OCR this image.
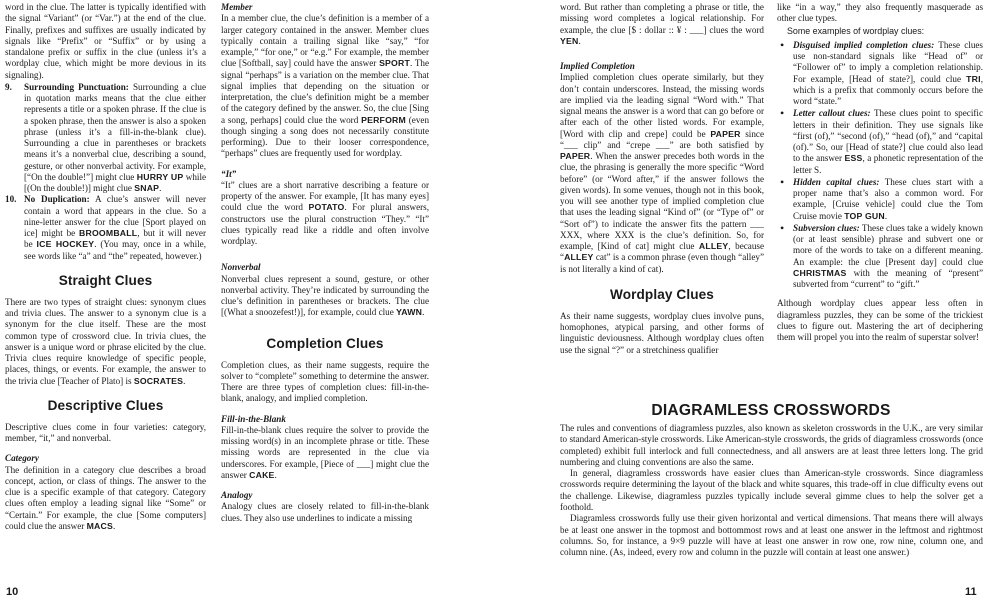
word in the clue. The latter is typically identified with the signal “Variant” (or “Var.”) at the end of the clue. Finally, prefixes and suffixes are usually indicated by signals like “Prefix” or “Suffix” or by using a standalone prefix or suffix in the clue (unless it’s a wordplay clue, which might be more devious in its signaling).

9. Surrounding Punctuation: Surrounding a clue in quotation marks means that the clue either represents a title or a spoken phrase. If the clue is a spoken phrase, then the answer is also a spoken phrase (unless it’s a fill-in-the-blank clue). Surrounding a clue in parentheses or brackets means it’s a nonverbal clue, describing a sound, gesture, or other nonverbal activity. For example, [“On the double!”] might clue HURRY UP while [(On the double!)] might clue SNAP.
10. No Duplication: A clue’s answer will never contain a word that appears in the clue. So a nine-letter answer for the clue [Sport played on ice] might be BROOMBALL, but it will never be ICE HOCKEY. (You may, once in a while, see words like “a” and “the” repeated, however.)
Straight Clues

There are two types of straight clues: synonym clues and trivia clues. The answer to a synonym clue is a synonym for the clue itself. These are the most common type of crossword clue. In trivia clues, the answer is a unique word or phrase elicited by the clue. Trivia clues require knowledge of specific people, places, things, or events. For example, the answer to the trivia clue [Teacher of Plato] is SOCRATES.

Descriptive Clues

Descriptive clues come in four varieties: category, member, “it,” and nonverbal.

Category

The definition in a category clue describes a broad concept, action, or class of things. The answer to the clue is a specific example of that category. Category clues often employ a leading signal like “Some” or “Certain.” For example, the clue [Some computers] could clue the answer MACS.

Member

In a member clue, the clue’s definition is a member of a larger category contained in the answer. Member clues typically contain a trailing signal like “say,” “for example,” “for one,” or “e.g.” For example, the member clue [Softball, say] could have the answer SPORT. The signal “perhaps” is a variation on the member clue. That signal implies that depending on the situation or interpretation, the clue’s definition might be a member of the category defined by the answer. So, the clue [Sing a song, perhaps] could clue the word PERFORM (even though singing a song does not necessarily constitute performing). Due to their looser correspondence, “perhaps” clues are frequently used for wordplay.

“It”

“It” clues are a short narrative describing a feature or property of the answer. For example, [It has many eyes] could clue the word POTATO. For plural answers, constructors use the plural construction “They.” “It” clues typically read like a riddle and often involve wordplay.

Nonverbal

Nonverbal clues represent a sound, gesture, or other nonverbal activity. They’re indicated by surrounding the clue’s definition in parentheses or brackets. The clue [(What a snoozefest!)], for example, could clue YAWN.

Completion Clues

Completion clues, as their name suggests, require the solver to “complete” something to determine the answer. There are three types of completion clues: fill-in-the-blank, analogy, and implied completion.

Fill-in-the-Blank

Fill-in-the-blank clues require the solver to provide the missing word(s) in an incomplete phrase or title. These missing words are represented in the clue via underscores. For example, [Piece of ___] might clue the answer CAKE.

Analogy

Analogy clues are closely related to fill-in-the-blank clues. They also use underlines to indicate a missing

word. But rather than completing a phrase or title, the missing word completes a logical relationship. For example, the clue [$ : dollar :: ¥ : ___] clues the word YEN.

Implied Completion

Implied completion clues operate similarly, but they don’t contain underscores. Instead, the missing words are implied via the leading signal “Word with.” That signal means the answer is a word that can go before or after each of the other listed words. For example, [Word with clip and crepe] could be PAPER since “___ clip” and “crepe ___” are both satisfied by PAPER. When the answer precedes both words in the clue, the phrasing is generally the more specific “Word before” (or “Word after,” if the answer follows the given words). In some venues, though not in this book, you will see another type of implied completion clue that uses the leading signal “Kind of” (or “Type of” or “Sort of”) to indicate the answer fits the pattern ___ XXX, where XXX is the clue’s definition. So, for example, [Kind of cat] might clue ALLEY, because “ALLEY cat” is a common phrase (even though “alley” is not literally a kind of cat).

Wordplay Clues

As their name suggests, wordplay clues involve puns, homophones, atypical parsing, and other forms of linguistic deviousness. Although wordplay clues often use the signal “?” or a stretchiness qualifier

like “in a way,” they also frequently masquerade as other clue types.

Some examples of wordplay clues:

• Disguised implied completion clues: These clues use non-standard signals like “Head of” or “Follower of” to imply a completion relationship. For example, [Head of state?], could clue TRI, which is a prefix that commonly occurs before the word “state.”
• Letter callout clues: These clues point to specific letters in their definition. They use signals like “first (of),” “second (of),” “head (of),” and “capital (of).” So, our [Head of state?] clue could also lead to the answer ESS, a phonetic representation of the letter S.
• Hidden capital clues: These clues start with a proper name that’s also a common word. For example, [Cruise vehicle] could clue the Tom Cruise movie TOP GUN.
• Subversion clues: These clues take a widely known (or at least sensible) phrase and subvert one or more of the words to take on a different meaning. An example: the clue [Present day] could clue CHRISTMAS with the meaning of “present” subverted from “current” to “gift.”

Although wordplay clues appear less often in diagramless puzzles, they can be some of the trickiest clues to figure out. Mastering the art of deciphering them will propel you into the realm of superstar solver!

DIAGRAMLESS CROSSWORDS

The rules and conventions of diagramless puzzles, also known as skeleton crosswords in the U.K., are very similar to standard American-style crosswords. Like American-style crosswords, the grids of diagramless crosswords (once completed) exhibit full interlock and full connectedness, and all answers are at least three letters long. The grid numbering and cluing conventions are also the same.

In general, diagramless crosswords have easier clues than American-style crosswords. Since diagramless crosswords require determining the layout of the black and white squares, this trade-off in clue difficulty evens out the challenge. Likewise, diagramless puzzles typically include several gimme clues to help the solver get a foothold.

Diagramless crosswords fully use their given horizontal and vertical dimensions. That means there will always be at least one answer in the topmost and bottommost rows and at least one answer in the leftmost and rightmost columns. So, for instance, a 9×9 puzzle will have at least one answer in row one, row nine, column one, and column nine. (As, indeed, every row and column in the puzzle will contain at least one answer.)

10	11
